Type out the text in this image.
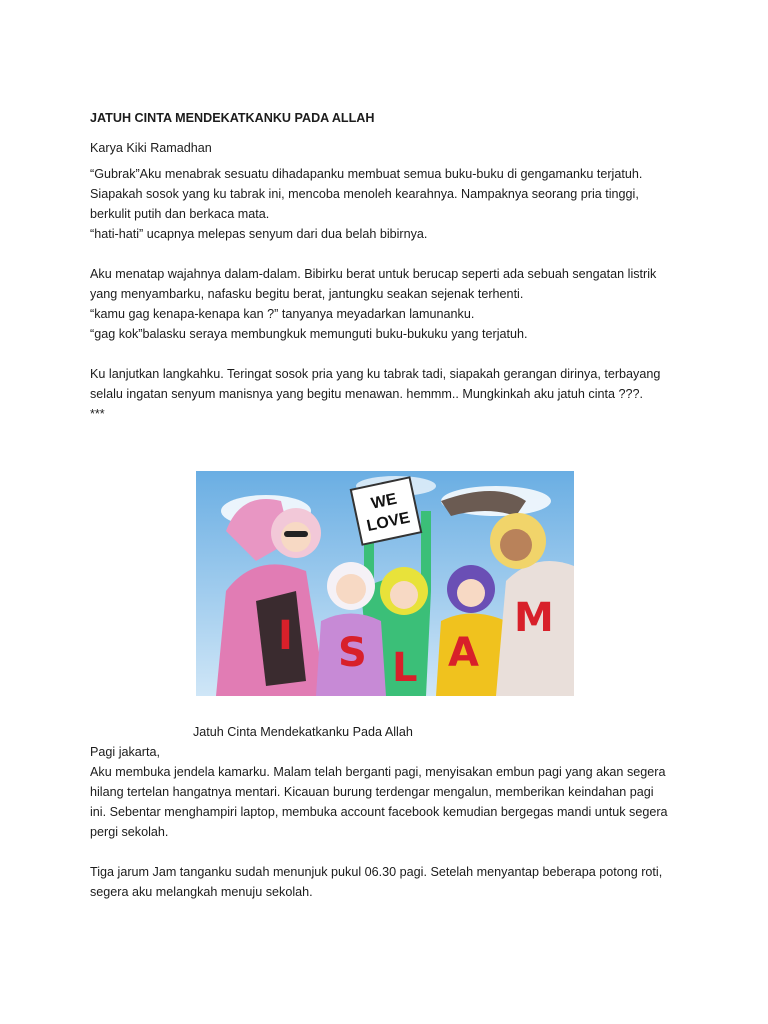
JATUH CINTA MENDEKATKANKU PADA ALLAH

Karya Kiki Ramadhan

“Gubrak”Aku menabrak sesuatu dihadapanku membuat semua buku-buku di gengamanku terjatuh.

Siapakah sosok yang ku tabrak ini, mencoba menoleh kearahnya. Nampaknya seorang pria tinggi,

berkulit putih dan berkaca mata.

“hati-hati” ucapnya melepas senyum dari dua belah bibirnya.

Aku menatap wajahnya dalam-dalam. Bibirku berat untuk berucap seperti ada sebuah sengatan listrik

yang menyambarku, nafasku begitu berat, jantungku seakan sejenak terhenti.

“kamu gag kenapa-kenapa kan ?” tanyanya meyadarkan lamunanku.

“gag kok”balasku seraya membungkuk memunguti buku-bukuku yang terjatuh.

Ku lanjutkan langkahku. Teringat sosok pria yang ku tabrak tadi, siapakah gerangan dirinya, terbayang

selalu ingatan senyum manisnya yang begitu menawan. hemmm.. Mungkinkah aku jatuh cinta ???.

***

WE
LOVE
I S L A
M

Jatuh Cinta Mendekatkanku Pada Allah

Pagi jakarta,

Aku membuka jendela kamarku. Malam telah berganti pagi, menyisakan embun pagi yang akan segera

hilang tertelan hangatnya mentari. Kicauan burung terdengar mengalun, memberikan keindahan pagi

ini. Sebentar menghampiri laptop, membuka account facebook kemudian bergegas mandi untuk segera

pergi sekolah.

Tiga jarum Jam tanganku sudah menunjuk pukul 06.30 pagi. Setelah menyantap beberapa potong roti,

segera aku melangkah menuju sekolah.
